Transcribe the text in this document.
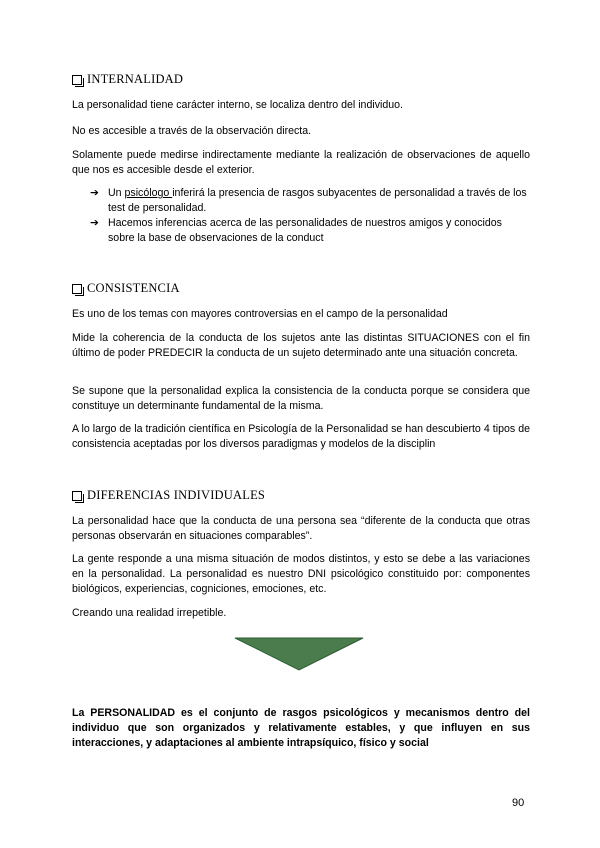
INTERNALIDAD
La personalidad tiene carácter interno, se localiza dentro del individuo.
No es accesible a través de la observación directa.
Solamente puede medirse indirectamente mediante la realización de observaciones de aquello que nos es accesible desde el exterior.
➔ Un psicólogo inferirá la presencia de rasgos subyacentes de personalidad a través de los test de personalidad.
➔ Hacemos inferencias acerca de las personalidades de nuestros amigos y conocidos sobre la base de observaciones de la conduct
CONSISTENCIA
Es uno de los temas con mayores controversias en el campo de la personalidad
Mide la coherencia de la conducta de los sujetos ante las distintas SITUACIONES con el fin último de poder PREDECIR la conducta de un sujeto determinado ante una situación concreta.
Se supone que la personalidad explica la consistencia de la conducta porque se considera que constituye un determinante fundamental de la misma.
A lo largo de la tradición científica en Psicología de la Personalidad se han descubierto 4 tipos de consistencia aceptadas por los diversos paradigmas y modelos de la disciplin
DIFERENCIAS INDIVIDUALES
La personalidad hace que la conducta de una persona sea “diferente de la conducta que otras personas observarán en situaciones comparables”.
La gente responde a una misma situación de modos distintos, y esto se debe a las variaciones en la personalidad. La personalidad es nuestro DNI psicológico constituido por: componentes biológicos, experiencias, cogniciones, emociones, etc.
Creando una realidad irrepetible.
La PERSONALIDAD es el conjunto de rasgos psicológicos y mecanismos dentro del individuo que son organizados y relativamente estables, y que influyen en sus interacciones, y adaptaciones al ambiente intrapsíquico, físico y social
90
